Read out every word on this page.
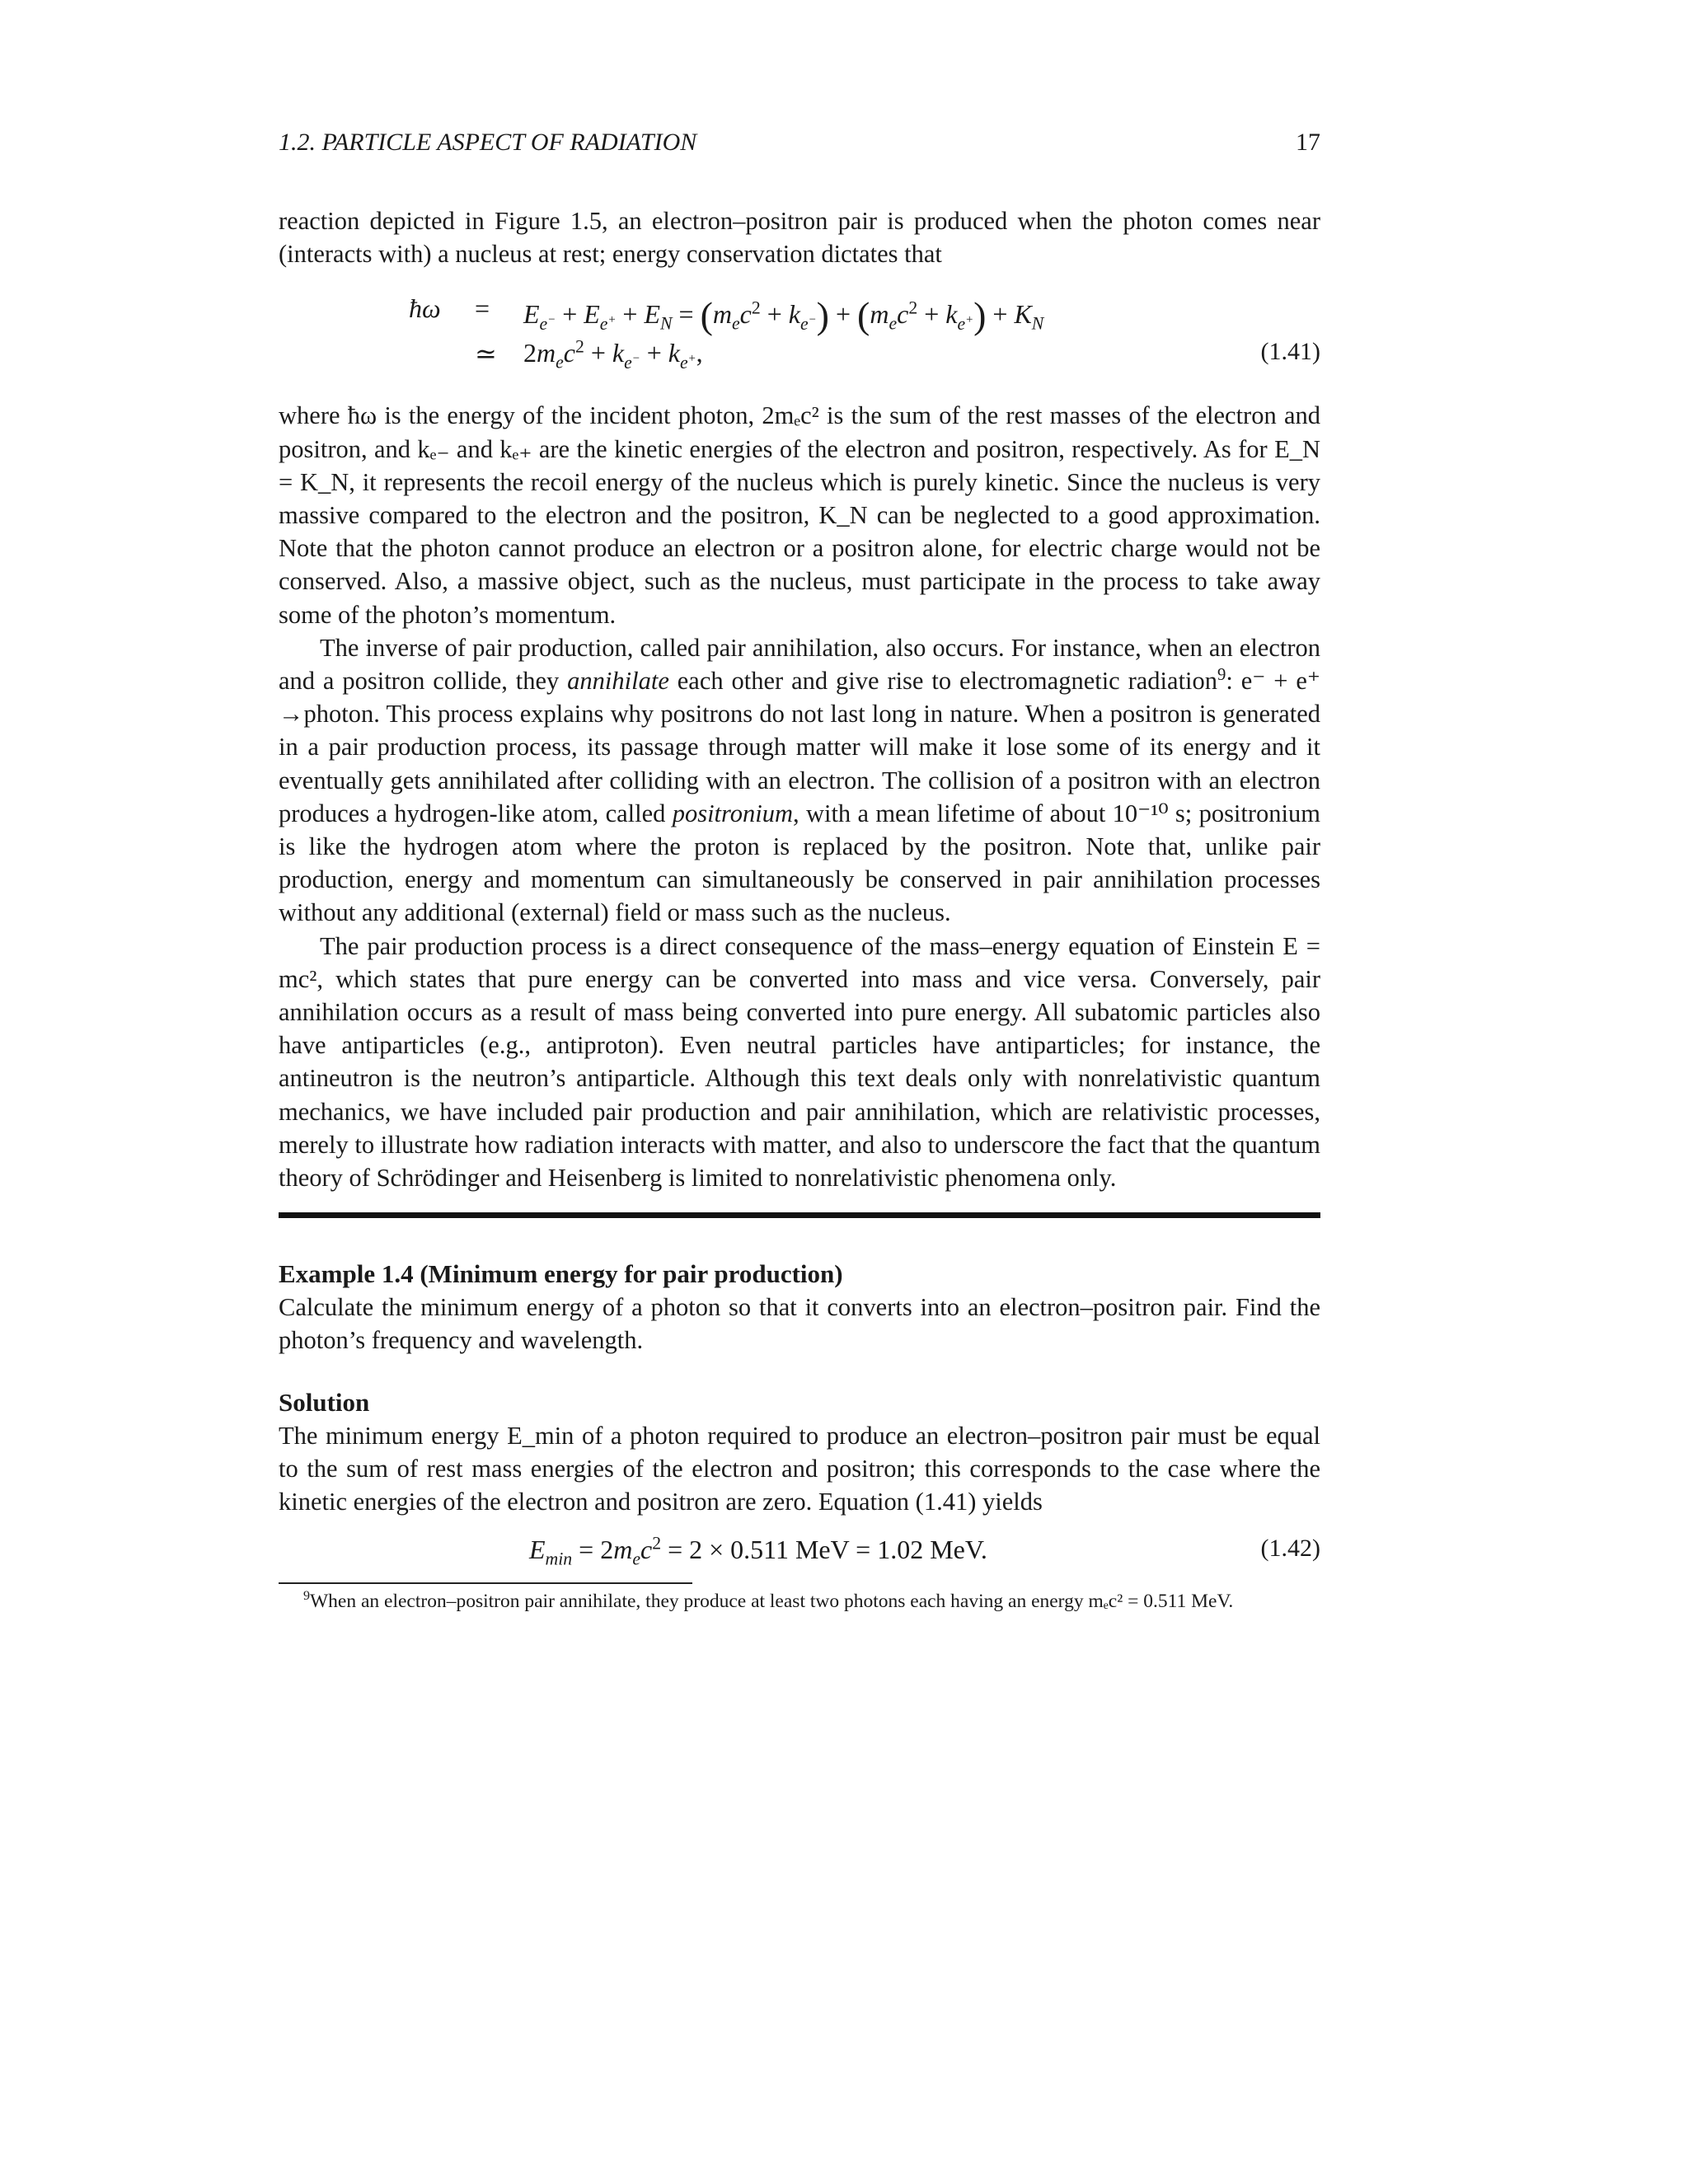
1.2. PARTICLE ASPECT OF RADIATION	17

reaction depicted in Figure 1.5, an electron–positron pair is produced when the photon comes near (interacts with) a nucleus at rest; energy conservation dictates that

ħω = $E_{e^-} + E_{e^+} + E_N = (m_ec^2 + k_{e^-}) + (m_ec^2 + k_{e^+}) + K_N$
≃ $2m_ec^2 + k_{e^-} + k_{e^+}$,	(1.41)

where ħω is the energy of the incident photon, 2mₑc² is the sum of the rest masses of the electron and positron, and kₑ₋ and kₑ₊ are the kinetic energies of the electron and positron, respectively. As for E_N = K_N, it represents the recoil energy of the nucleus which is purely kinetic. Since the nucleus is very massive compared to the electron and the positron, K_N can be neglected to a good approximation. Note that the photon cannot produce an electron or a positron alone, for electric charge would not be conserved. Also, a massive object, such as the nucleus, must participate in the process to take away some of the photon’s momentum.

The inverse of pair production, called pair annihilation, also occurs. For instance, when an electron and a positron collide, they annihilate each other and give rise to electromagnetic radiation$^9$: e⁻ + e⁺ →photon. This process explains why positrons do not last long in nature. When a positron is generated in a pair production process, its passage through matter will make it lose some of its energy and it eventually gets annihilated after colliding with an electron. The collision of a positron with an electron produces a hydrogen-like atom, called positronium, with a mean lifetime of about 10⁻¹⁰ s; positronium is like the hydrogen atom where the proton is replaced by the positron. Note that, unlike pair production, energy and momentum can simultaneously be conserved in pair annihilation processes without any additional (external) field or mass such as the nucleus.

The pair production process is a direct consequence of the mass–energy equation of Einstein E = mc², which states that pure energy can be converted into mass and vice versa. Conversely, pair annihilation occurs as a result of mass being converted into pure energy. All subatomic particles also have antiparticles (e.g., antiproton). Even neutral particles have antiparticles; for instance, the antineutron is the neutron’s antiparticle. Although this text deals only with nonrelativistic quantum mechanics, we have included pair production and pair annihilation, which are relativistic processes, merely to illustrate how radiation interacts with matter, and also to underscore the fact that the quantum theory of Schrödinger and Heisenberg is limited to nonrelativistic phenomena only.

Example 1.4 (Minimum energy for pair production)

Calculate the minimum energy of a photon so that it converts into an electron–positron pair. Find the photon’s frequency and wavelength.

Solution

The minimum energy E_min of a photon required to produce an electron–positron pair must be equal to the sum of rest mass energies of the electron and positron; this corresponds to the case where the kinetic energies of the electron and positron are zero. Equation (1.41) yields

$E_{min} = 2m_ec^2 = 2 \times 0.511$ MeV = 1.02 MeV.	(1.42)

$^9$When an electron–positron pair annihilate, they produce at least two photons each having an energy mₑc² = 0.511 MeV.
